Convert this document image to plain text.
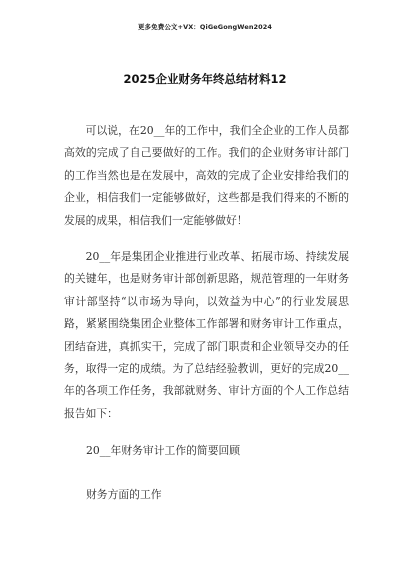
更多免费公文+VX：QiGeGongWen2024
2025企业财务年终总结材料12

可以说，在20__年的工作中，我们全企业的工作人员都高效的完成了自己要做好的工作。我们的企业财务审计部门的工作当然也是在发展中，高效的完成了企业安排给我们的企业，相信我们一定能够做好，这些都是我们得来的不断的发展的成果，相信我们一定能够做好！

20__年是集团企业推进行业改革、拓展市场、持续发展的关键年，也是财务审计部创新思路，规范管理的一年财务审计部坚持“以市场为导向，以效益为中心”的行业发展思路，紧紧围绕集团企业整体工作部署和财务审计工作重点，团结奋进，真抓实干，完成了部门职责和企业领导交办的任务，取得一定的成绩。为了总结经验教训，更好的完成20__年的各项工作任务，我部就财务、审计方面的个人工作总结报告如下：

20__年财务审计工作的简要回顾

财务方面的工作
